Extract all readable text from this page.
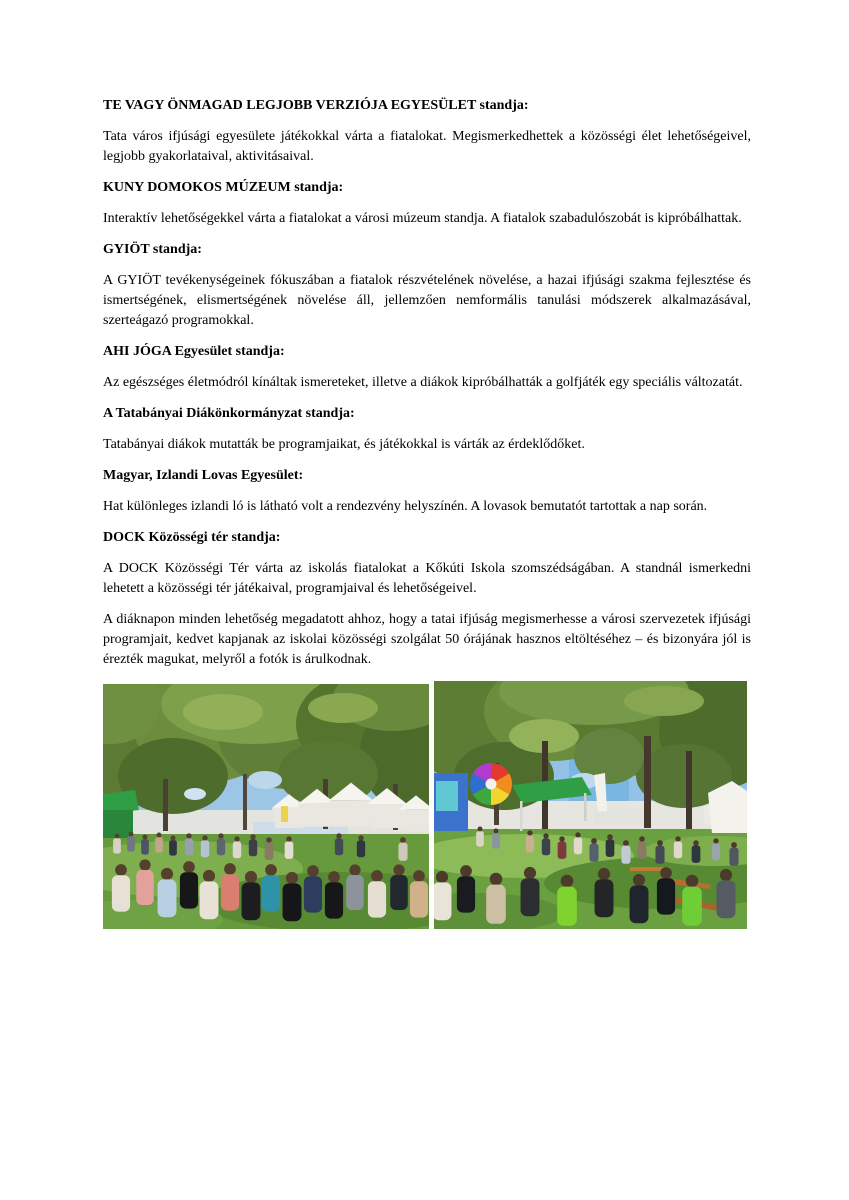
TE VAGY ÖNMAGAD LEGJOBB VERZIÓJA EGYESÜLET standja:

Tata város ifjúsági egyesülete játékokkal várta a fiatalokat. Megismerkedhettek a közösségi élet lehetőségeivel, legjobb gyakorlataival, aktivitásaival.

KUNY DOMOKOS MÚZEUM standja:

Interaktív lehetőségekkel várta a fiatalokat a városi múzeum standja. A fiatalok szabadulószobát is kipróbálhattak.

GYIÖT standja:

A GYIÖT tevékenységeinek fókuszában a fiatalok részvételének növelése, a hazai ifjúsági szakma fejlesztése és ismertségének, elismertségének növelése áll, jellemzően nemformális tanulási módszerek alkalmazásával, szerteágazó programokkal.

AHI JÓGA Egyesület standja:

Az egészséges életmódról kínáltak ismereteket, illetve a diákok kipróbálhatták a golfjáték egy speciális változatát.

A Tatabányai Diákönkormányzat standja:

Tatabányai diákok mutatták be programjaikat, és játékokkal is várták az érdeklődőket.

Magyar, Izlandi Lovas Egyesület:

Hat különleges izlandi ló is látható volt a rendezvény helyszínén. A lovasok bemutatót tartottak a nap során.

DOCK Közösségi tér standja:

A DOCK Közösségi Tér várta az iskolás fiatalokat a Kőkúti Iskola szomszédságában. A standnál ismerkedni lehetett a közösségi tér játékaival, programjaival és lehetőségeivel.

A diáknapon minden lehetőség megadatott ahhoz, hogy a tatai ifjúság megismerhesse a városi szervezetek ifjúsági programjait, kedvet kapjanak az iskolai közösségi szolgálat 50 órájának hasznos eltöltéséhez – és bizonyára jól is érezték magukat, melyről a fotók is árulkodnak.
